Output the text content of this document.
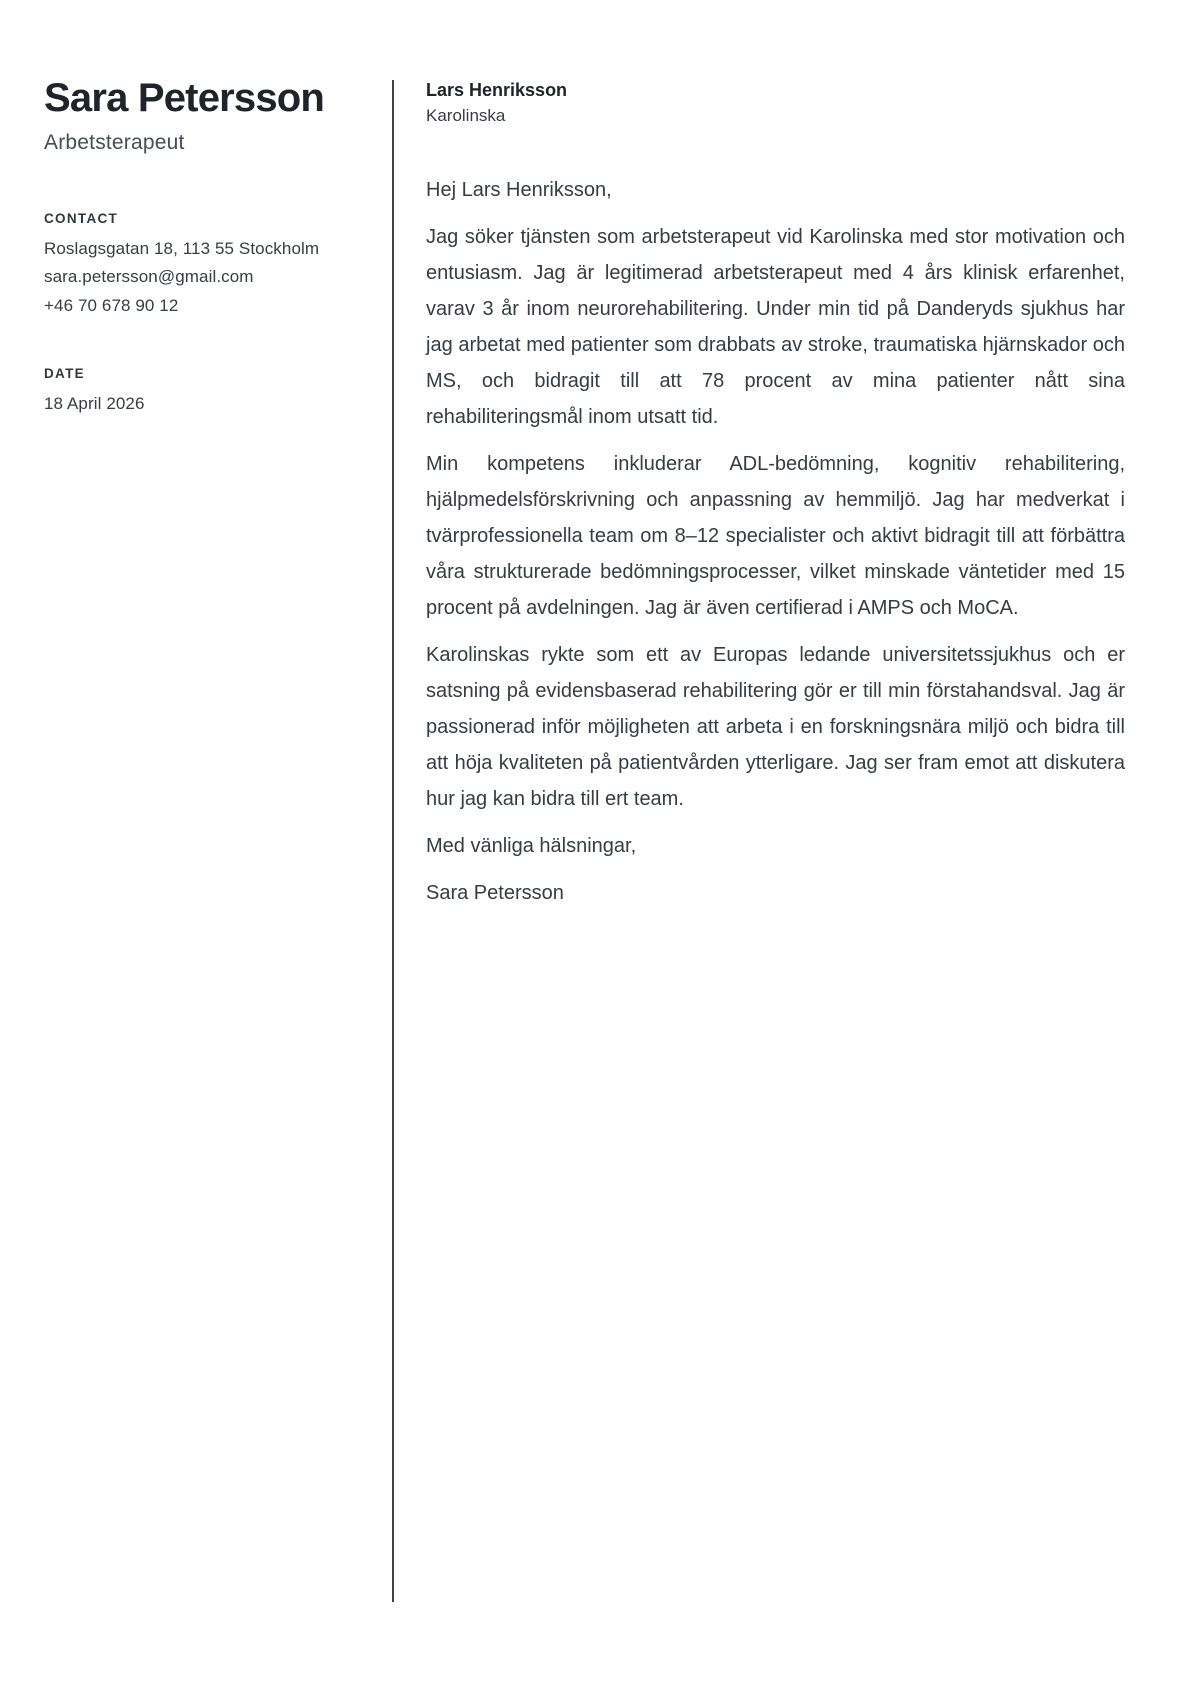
Sara Petersson
Arbetsterapeut
CONTACT
Roslagsgatan 18, 113 55 Stockholm
sara.petersson@gmail.com
+46 70 678 90 12
DATE
18 April 2026
Lars Henriksson
Karolinska

Hej Lars Henriksson,

Jag söker tjänsten som arbetsterapeut vid Karolinska med stor motivation och entusiasm. Jag är legitimerad arbetsterapeut med 4 års klinisk erfarenhet, varav 3 år inom neurorehabilitering. Under min tid på Danderyds sjukhus har jag arbetat med patienter som drabbats av stroke, traumatiska hjärnskador och MS, och bidragit till att 78 procent av mina patienter nått sina rehabiliteringsmål inom utsatt tid.

Min kompetens inkluderar ADL-bedömning, kognitiv rehabilitering, hjälpmedelsförskrivning och anpassning av hemmiljö. Jag har medverkat i tvärprofessionella team om 8–12 specialister och aktivt bidragit till att förbättra våra strukturerade bedömningsprocesser, vilket minskade väntetider med 15 procent på avdelningen. Jag är även certifierad i AMPS och MoCA.

Karolinskas rykte som ett av Europas ledande universitetssjukhus och er satsning på evidensbaserad rehabilitering gör er till min förstahandsval. Jag är passionerad inför möjligheten att arbeta i en forskningsnära miljö och bidra till att höja kvaliteten på patientvården ytterligare. Jag ser fram emot att diskutera hur jag kan bidra till ert team.

Med vänliga hälsningar,

Sara Petersson
